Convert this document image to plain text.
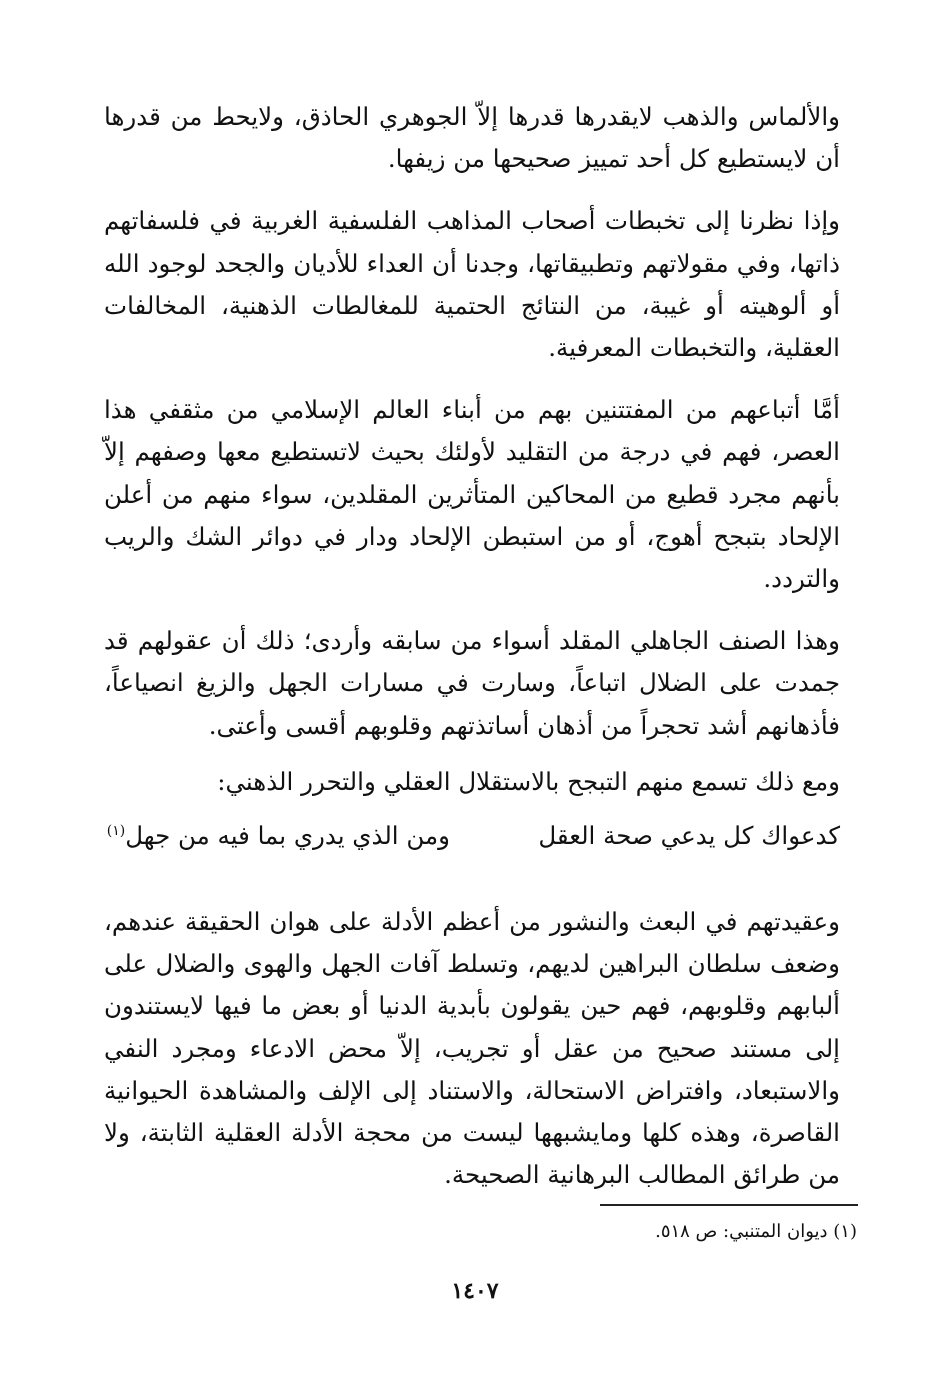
والألماس والذهب لايقدرها قدرها إلاّ الجوهري الحاذق، ولايحط من قدرها أن لايستطيع كل أحد تمييز صحيحها من زيفها.

وإذا نظرنا إلى تخبطات أصحاب المذاهب الفلسفية الغربية في فلسفاتهم ذاتها، وفي مقولاتهم وتطبيقاتها، وجدنا أن العداء للأديان والجحد لوجود الله أو ألوهيته أو غيبة، من النتائج الحتمية للمغالطات الذهنية، المخالفات العقلية، والتخبطات المعرفية.

أمَّا أتباعهم من المفتتنين بهم من أبناء العالم الإسلامي من مثقفي هذا العصر، فهم في درجة من التقليد لأولئك بحيث لاتستطيع معها وصفهم إلاّ بأنهم مجرد قطيع من المحاكين المتأثرين المقلدين، سواء منهم من أعلن الإلحاد بتبجح أهوج، أو من استبطن الإلحاد ودار في دوائر الشك والريب والتردد.

وهذا الصنف الجاهلي المقلد أسواء من سابقه وأردى؛ ذلك أن عقولهم قد جمدت على الضلال اتباعاً، وسارت في مسارات الجهل والزيغ انصياعاً، فأذهانهم أشد تحجراً من أذهان أساتذتهم وقلوبهم أقسى وأعتى.

ومع ذلك تسمع منهم التبجح بالاستقلال العقلي والتحرر الذهني:

كدعواك كل يدعي صحة العقل
ومن الذي يدري بما فيه من جهل$^{(١)}$

وعقيدتهم في البعث والنشور من أعظم الأدلة على هوان الحقيقة عندهم، وضعف سلطان البراهين لديهم، وتسلط آفات الجهل والهوى والضلال على ألبابهم وقلوبهم، فهم حين يقولون بأبدية الدنيا أو بعض ما فيها لايستندون إلى مستند صحيح من عقل أو تجريب، إلاّ محض الادعاء ومجرد النفي والاستبعاد، وافتراض الاستحالة، والاستناد إلى الإلف والمشاهدة الحيوانية القاصرة، وهذه كلها ومايشبهها ليست من محجة الأدلة العقلية الثابتة، ولا من طرائق المطالب البرهانية الصحيحة.

(١) ديوان المتنبي: ص ٥١٨.
١٤٠٧
